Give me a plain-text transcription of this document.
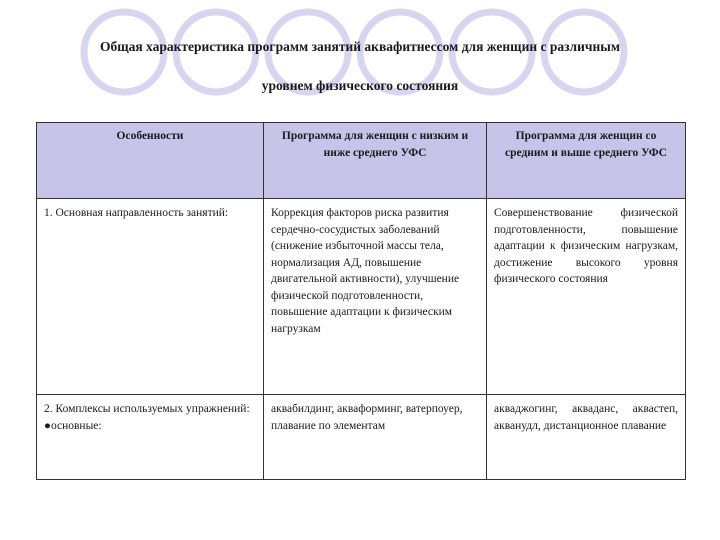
Общая характеристика программ занятий аквафитнессом для женщин с различным
уровнем физического состояния
Особенности	Программа для женщин с низким и ниже среднего УФС	Программа для женщин со средним и выше среднего УФС
1. Основная направленность занятий:	Коррекция факторов риска развития сердечно-сосудистых заболеваний (снижение избыточной массы тела, нормализация АД, повышение двигательной активности), улучшение физической подготовленности, повышение адаптации к физическим нагрузкам	Совершенствование физической подготовленности, повышение адаптации к физическим нагрузкам, достижение высокого уровня физического состояния

2. Комплексы используемых упражнений:
●основные:	аквабилдинг, акваформинг, ватерпоуер, плавание по элементам	акваджогинг, акваданс, аквастеп, акванудл, дистанционное плавание
